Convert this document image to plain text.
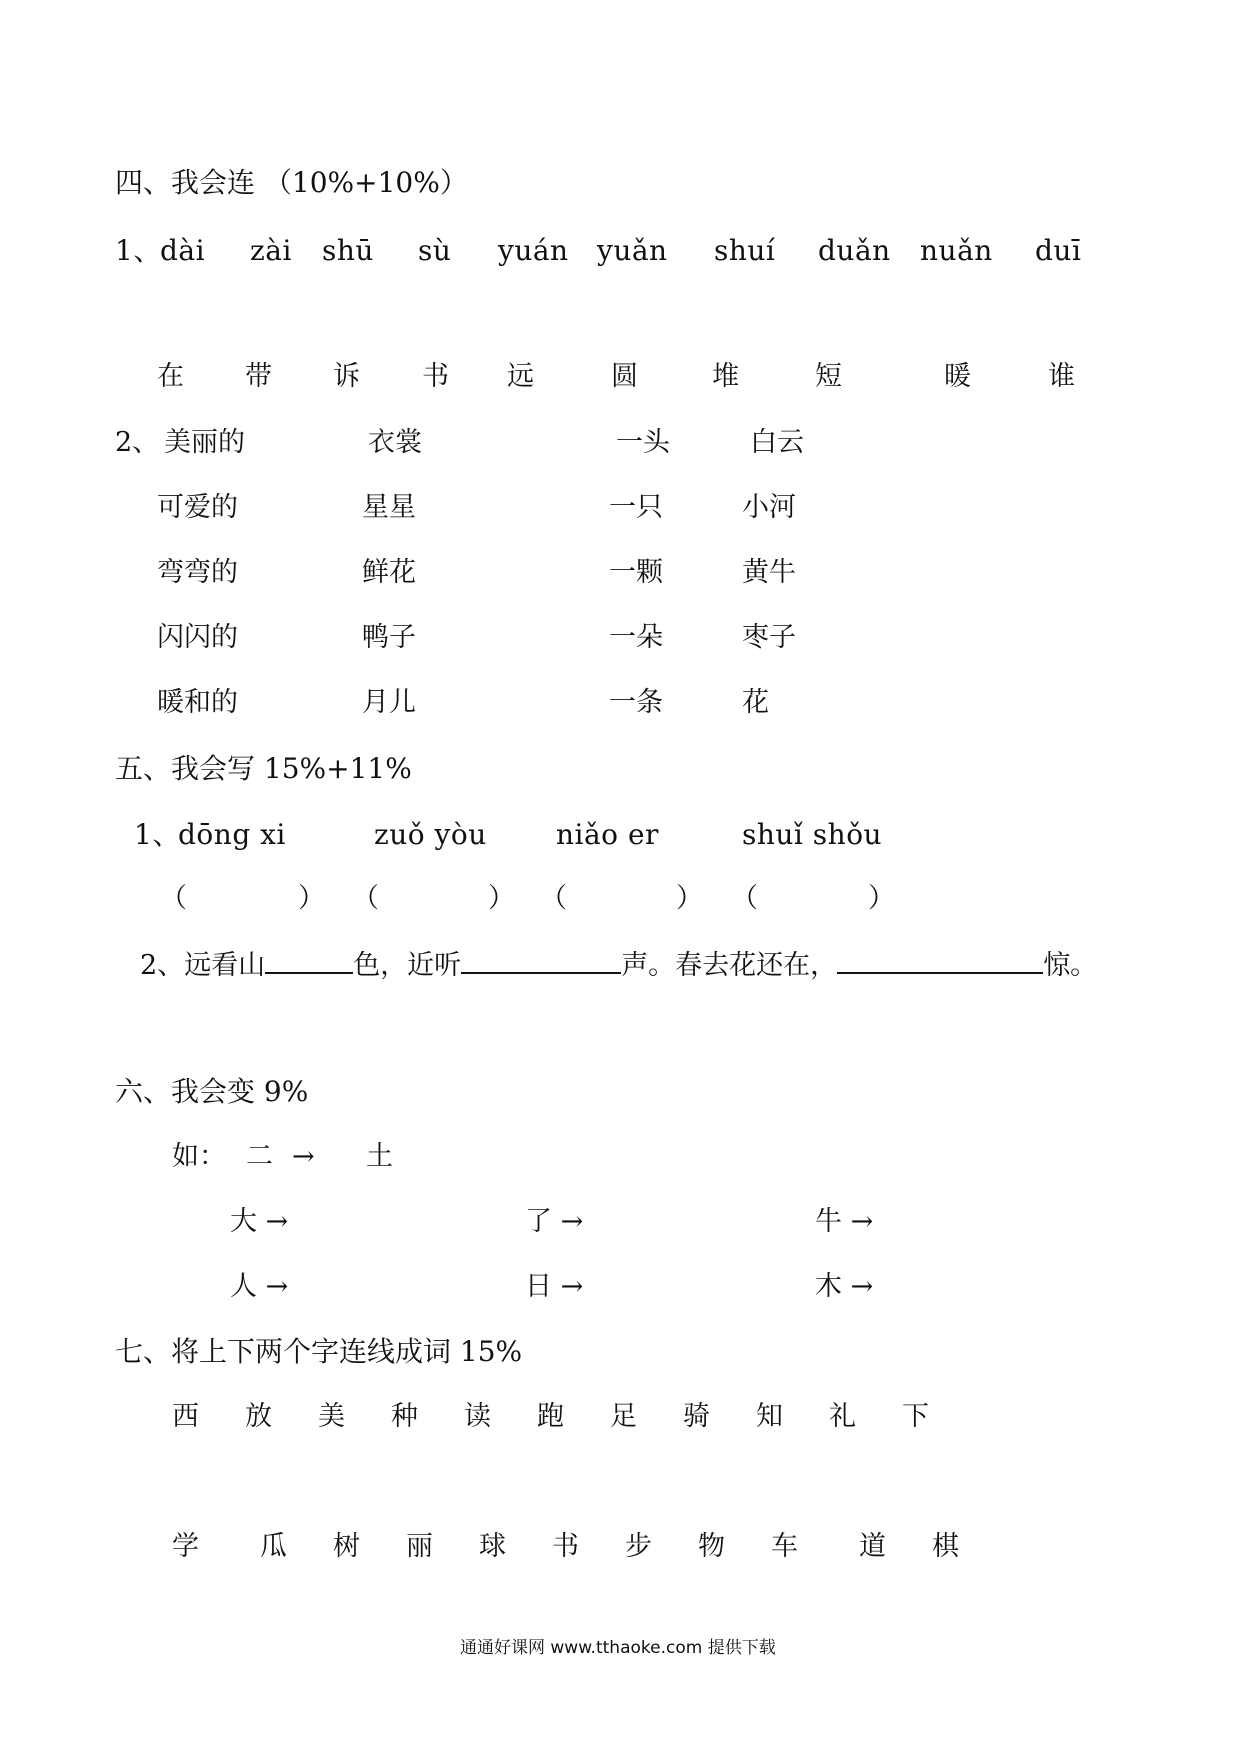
四、我会连 （10%+10%）
1、
dài zài shū sù yuán yuǎn shuí duǎn nuǎn duī
在 带 诉 书 远	圆	堆	短	暖	谁
2、 美丽的	衣裳	一头	白云
可爱的	星星	一只	小河
弯弯的	鲜花	一颗	黄牛
闪闪的	鸭子	一朵	枣子
暖和的	月儿	一条	花
五、我会写 15%+11%
1、
dōng xi	zuǒ yòu niǎo er	shuǐ shǒu
（	） （	） （	） （	）
2、远看山	色，近听	声。春去花还在，	惊。
六、我会变 9%
如： 二 → 土
大 →	了 →	牛 →
人 →	日 →	木 →
七、将上下两个字连线成词 15%
西 放 美 种 读 跑 足 骑 知 礼 下
学 瓜 树 丽 球 书 步 物 车 道 棋
通通好课网 www.tthaoke.com 提供下载
